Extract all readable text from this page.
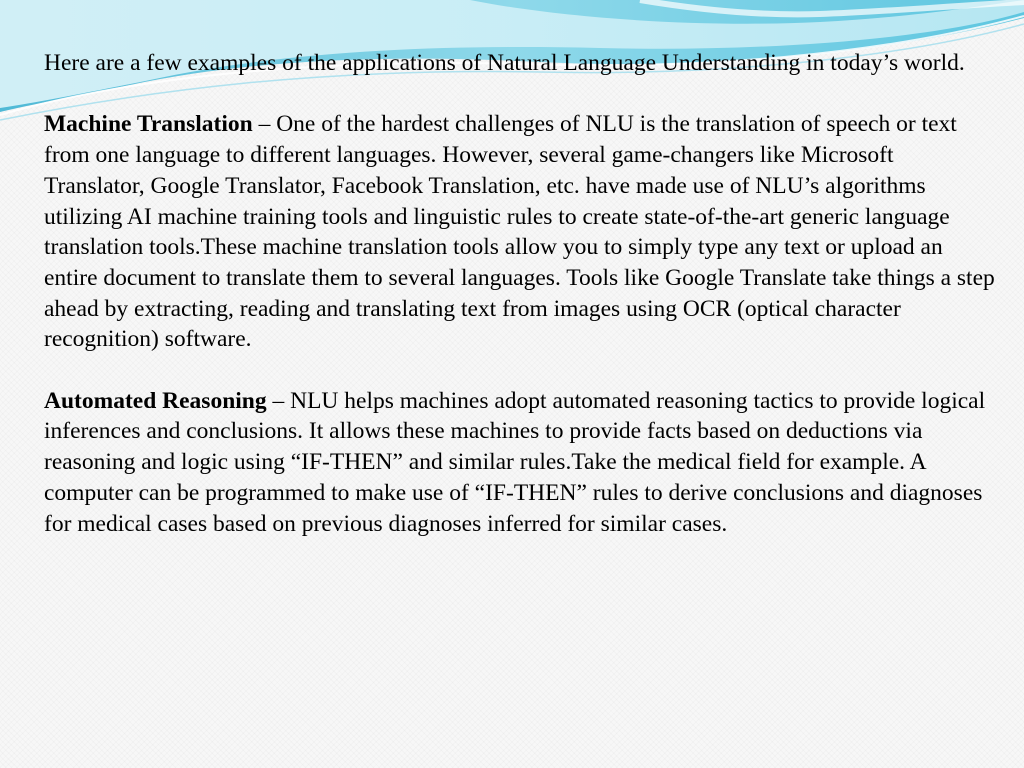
Here are a few examples of the applications of Natural Language Understanding in today’s world.

Machine Translation – One of the hardest challenges of NLU is the translation of speech or text from one language to different languages. However, several game-changers like Microsoft Translator, Google Translator, Facebook Translation, etc. have made use of NLU’s algorithms utilizing AI machine training tools and linguistic rules to create state-of-the-art generic language translation tools.These machine translation tools allow you to simply type any text or upload an entire document to translate them to several languages. Tools like Google Translate take things a step ahead by extracting, reading and translating text from images using OCR (optical character recognition) software.

Automated Reasoning – NLU helps machines adopt automated reasoning tactics to provide logical inferences and conclusions. It allows these machines to provide facts based on deductions via reasoning and logic using “IF-THEN” and similar rules.Take the medical field for example. A computer can be programmed to make use of “IF-THEN” rules to derive conclusions and diagnoses for medical cases based on previous diagnoses inferred for similar cases.
